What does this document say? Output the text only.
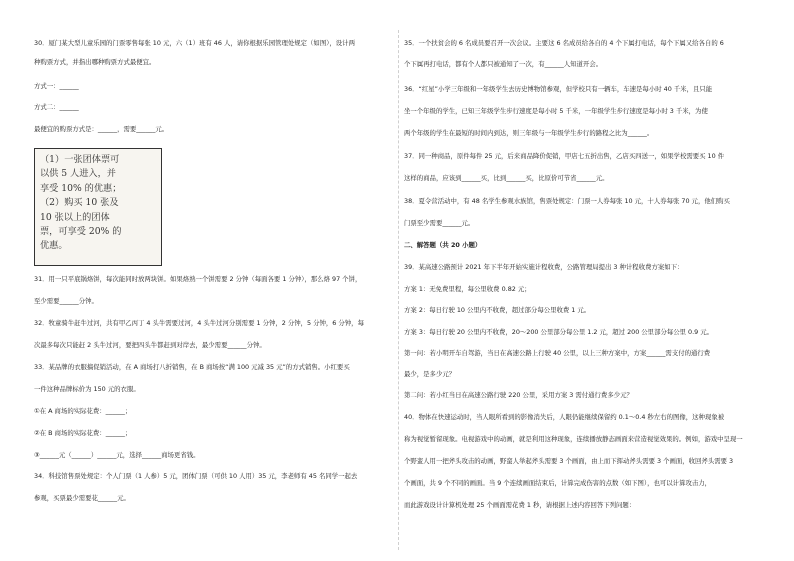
30．厦门某大型儿童乐园的门票零售每张 10 元，六（1）班有 46 人，请你根据乐园管理处规定（如图），设计两
种购票方式，并指出哪种购票方式最便宜。
方式一：______
方式二：______
最便宜的购票方式是：______，需要______元。
（1）一张团体票可
以供 5 人进入，并
享受 10% 的优惠；
（2）购买 10 张及
10 张以上的团体
票，可享受 20% 的
优惠。
31．用一只平底锅烙饼，每次能同时放两块饼。如果烙熟一个饼需要 2 分钟（每面各要 1 分钟），那么烙 97 个饼，
至少需要______分钟。
32．牧童骑牛赶牛过河，共有甲乙丙丁 4 头牛需要过河，4 头牛过河分别需要 1 分钟，2 分钟，5 分钟，6 分钟，每
次最多每次只能赶 2 头牛过河，要把四头牛都赶到对岸去，最少需要______分钟。
33．某品牌的衣服搞促销活动，在 A 商场打八折销售，在 B 商场按“满 100 元减 35 元”的方式销售。小红要买
一件这种品牌标价为 150 元的衣服。
①在 A 商场的实际花费：______；
②在 B 商场的实际花费：______；
③______元（______）______元，选择______商场更省钱。
34．科技馆售票处规定：个人门票（1 人参）5 元，团体门票（可供 10 人用）35 元，李老师有 45 名同学一起去
参观，买票最少需要花______元。
35．一个扶贫会的 6 名成员要召开一次会议。主要这 6 名成员给各自的 4 个下属打电话，每个下属又给各自的 6
个下属再打电话，都有个人都只被通知了一次，有______人知道开会。
36．“红星”小学三年级和一年级学生去历史博物馆参观，但学校只有一辆车，车速是每小时 40 千米，且只能
坐一个年级的学生，已知三年级学生步行速度是每小时 5 千米，一年级学生步行速度是每小时 3 千米，为使
两个年级的学生在最短的时间内到达，则三年级与一年级学生步行的路程之比为______。
37．同一种商品，原件每件 25 元，后来商品降价促销，甲店七五折出售，乙店买四送一，如果学校需要买 10 件
这样的商品，应该到______买，比到______买，比原价可节省______元。
38．夏令营活动中，有 48 名学生参观水族馆，售票处规定：门票一人券每张 10 元，十人券每张 70 元，他们购买
门票至少需要______元。
二、解答题（共 20 小题）
39．某高速公路预计 2021 年下半年开始实施计程收费，公路管理局提出 3 种计程收费方案如下：
方案 1：无免费里程，每公里收费 0.82 元；
方案 2：每日行驶 10 公里内不收费，超过部分每公里收费 1 元。
方案 3：每日行驶 20 公里内不收费，20～200 公里部分每公里 1.2 元，超过 200 公里部分每公里 0.9 元。
第一问：若小明开车自驾游，当日在高速公路上行驶 40 公里，以上三种方案中，方案______需支付的通行费
最少，是多少元？
第二问：若小红当日在高速公路行驶 220 公里，采用方案 3 需付通行费多少元？
40．物体在快速运动时，当人眼所看到的影像消失后，人眼仍能继续保留约 0.1～0.4 秒左右的图像，这种现象被
称为视觉暂留现象。电视游戏中的动画，就是利用这种现象，连续播放静态画面来营造视觉效果的。例如，游戏中呈现一
个野蛮人用一把斧头攻击的动画，野蛮人举起斧头需要 3 个画面，由上而下挥动斧头需要 3 个画面，收回斧头需要 3
个画面，共 9 个不同的画面。当 9 个连续画面结束后，计算完成伤害的点数（如下图），也可以计算攻击力，
而此游戏设计计算机处理 25 个画面需花费 1 秒，请根据上述内容回答下列问题：
